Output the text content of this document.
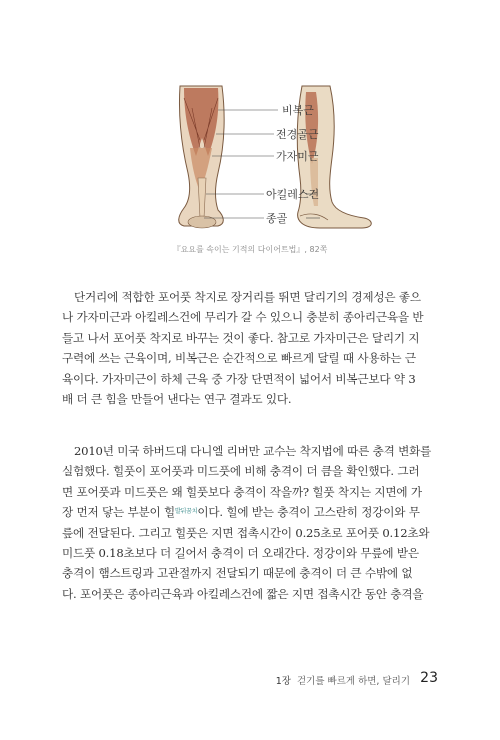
비복근
전경골근
가자미근
아킬레스건
종골
『요요를 속이는 기적의 다이어트법』, 82쪽
단거리에 적합한 포어풋 착지로 장거리를 뛰면 달리기의 경제성은 좋으
나 가자미근과 아킬레스건에 무리가 갈 수 있으니 충분히 종아리근육을 반
들고 나서 포어풋 착지로 바꾸는 것이 좋다. 참고로 가자미근은 달리기 지
구력에 쓰는 근육이며, 비복근은 순간적으로 빠르게 달릴 때 사용하는 근
육이다. 가자미근이 하체 근육 중 가장 단면적이 넓어서 비복근보다 약 3
배 더 큰 힘을 만들어 낸다는 연구 결과도 있다.
2010년 미국 하버드대 다니엘 리버만 교수는 착지법에 따른 충격 변화를
실험했다. 힐풋이 포어풋과 미드풋에 비해 충격이 더 큼을 확인했다. 그러
면 포어풋과 미드풋은 왜 힐풋보다 충격이 작을까? 힐풋 착지는 지면에 가
장 먼저 닿는 부분이 힐$^{발뒤꿈치}$이다. 힐에 받는 충격이 고스란히 정강이와 무
릎에 전달된다. 그리고 힐풋은 지면 접촉시간이 0.25초로 포어풋 0.12초와
미드풋 0.18초보다 더 길어서 충격이 더 오래간다. 정강이와 무릎에 받은
충격이 햄스트링과 고관절까지 전달되기 때문에 충격이 더 큰 수밖에 없
다. 포어풋은 종아리근육과 아킬레스건에 짧은 지면 접촉시간 동안 충격을
1장 걷기를 빠르게 하면, 달리기 23
